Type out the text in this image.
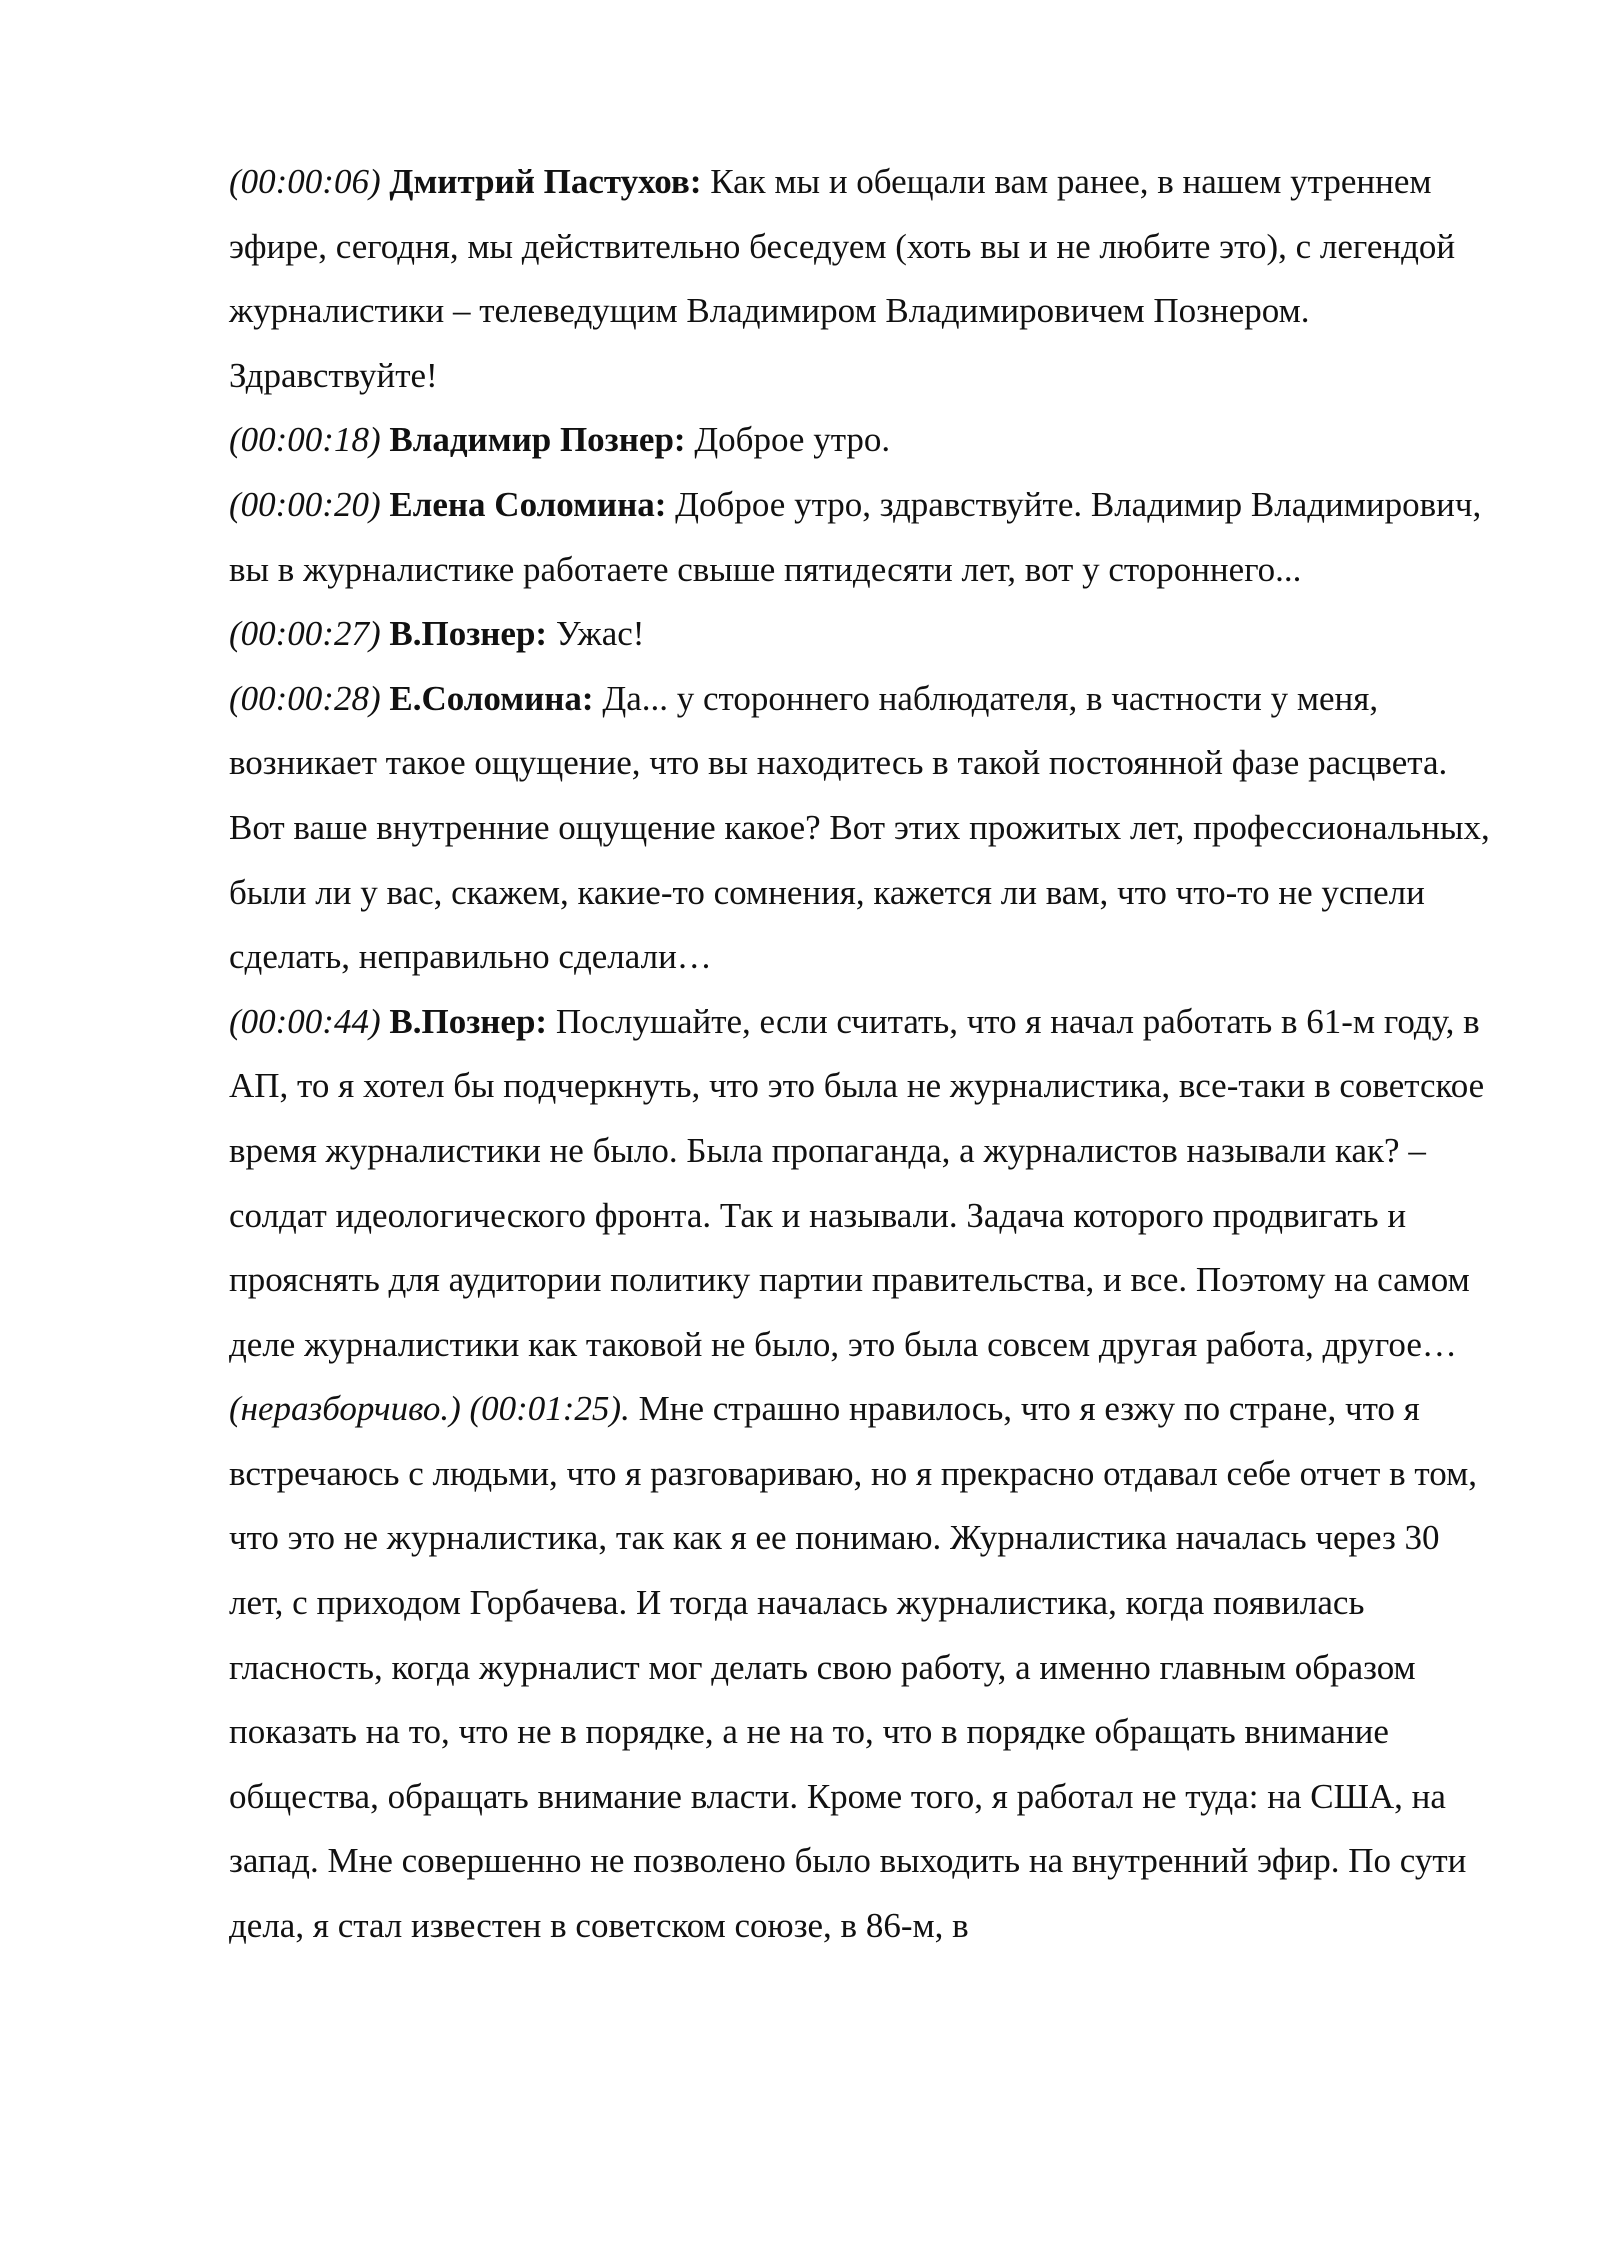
(00:00:06) Дмитрий Пастухов: Как мы и обещали вам ранее, в нашем утреннем эфире, сегодня, мы действительно беседуем (хоть вы и не любите это), с легендой журналистики – телеведущим Владимиром Владимировичем Познером. Здравствуйте!

(00:00:18) Владимир Познер: Доброе утро.

(00:00:20) Елена Соломина: Доброе утро, здравствуйте. Владимир Владимирович, вы в журналистике работаете свыше пятидесяти лет, вот у стороннего...

(00:00:27) В.Познер: Ужас!

(00:00:28) Е.Соломина: Да... у стороннего наблюдателя, в частности у меня, возникает такое ощущение, что вы находитесь в такой постоянной фазе расцвета. Вот ваше внутренние ощущение какое? Вот этих прожитых лет, профессиональных, были ли у вас, скажем, какие-то сомнения, кажется ли вам, что что-то не успели сделать, неправильно сделали…

(00:00:44) В.Познер: Послушайте, если считать, что я начал работать в 61-м году, в АП, то я хотел бы подчеркнуть, что это была не журналистика, все-таки в советское время журналистики не было. Была пропаганда, а журналистов называли как? – солдат идеологического фронта. Так и называли. Задача которого продвигать и прояснять для аудитории политику партии правительства, и все. Поэтому на самом деле журналистики как таковой не было, это была совсем другая работа, другое…(неразборчиво.) (00:01:25). Мне страшно нравилось, что я езжу по стране, что я встречаюсь с людьми, что я разговариваю, но я прекрасно отдавал себе отчет в том, что это не журналистика, так как я ее понимаю. Журналистика началась через 30 лет, с приходом Горбачева. И тогда началась журналистика, когда появилась гласность, когда журналист мог делать свою работу, а именно главным образом показать на то, что не в порядке, а не на то, что в порядке обращать внимание общества, обращать внимание власти. Кроме того, я работал не туда: на США, на запад. Мне совершенно не позволено было выходить на внутренний эфир. По сути дела, я стал известен в советском союзе, в 86-м, в
